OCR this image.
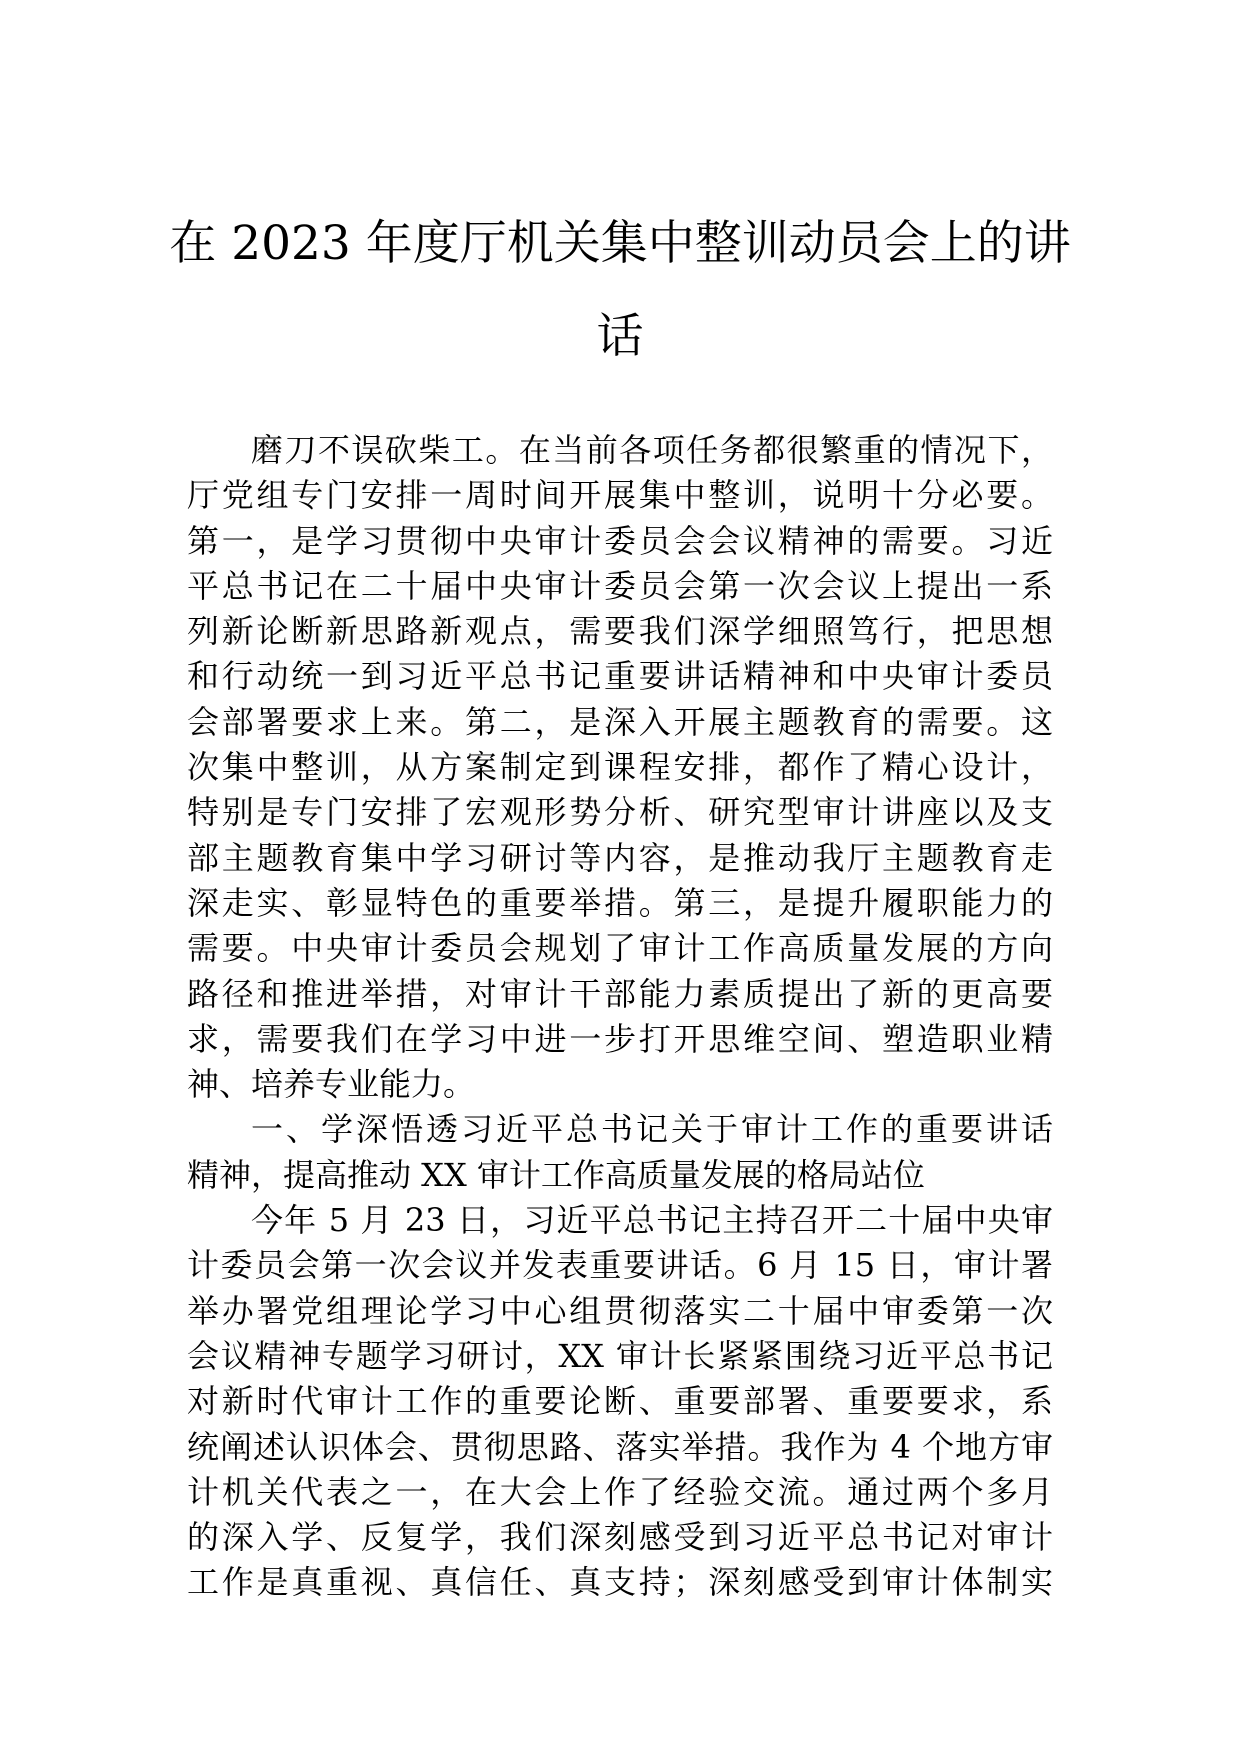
在 2023 年度厅机关集中整训动员会上的讲
话
磨刀不误砍柴工。在当前各项任务都很繁重的情况下，
厅党组专门安排一周时间开展集中整训，说明十分必要。
第一，是学习贯彻中央审计委员会会议精神的需要。习近
平总书记在二十届中央审计委员会第一次会议上提出一系
列新论断新思路新观点，需要我们深学细照笃行，把思想
和行动统一到习近平总书记重要讲话精神和中央审计委员
会部署要求上来。第二，是深入开展主题教育的需要。这
次集中整训，从方案制定到课程安排，都作了精心设计，
特别是专门安排了宏观形势分析、研究型审计讲座以及支
部主题教育集中学习研讨等内容，是推动我厅主题教育走
深走实、彰显特色的重要举措。第三，是提升履职能力的
需要。中央审计委员会规划了审计工作高质量发展的方向
路径和推进举措，对审计干部能力素质提出了新的更高要
求，需要我们在学习中进一步打开思维空间、塑造职业精
神、培养专业能力。
一、学深悟透习近平总书记关于审计工作的重要讲话
精神，提高推动 XX 审计工作高质量发展的格局站位
今年 5 月 23 日，习近平总书记主持召开二十届中央审
计委员会第一次会议并发表重要讲话。6 月 15 日，审计署
举办署党组理论学习中心组贯彻落实二十届中审委第一次
会议精神专题学习研讨，XX 审计长紧紧围绕习近平总书记
对新时代审计工作的重要论断、重要部署、重要要求，系
统阐述认识体会、贯彻思路、落实举措。我作为 4 个地方审
计机关代表之一，在大会上作了经验交流。通过两个多月
的深入学、反复学，我们深刻感受到习近平总书记对审计
工作是真重视、真信任、真支持；深刻感受到审计体制实
